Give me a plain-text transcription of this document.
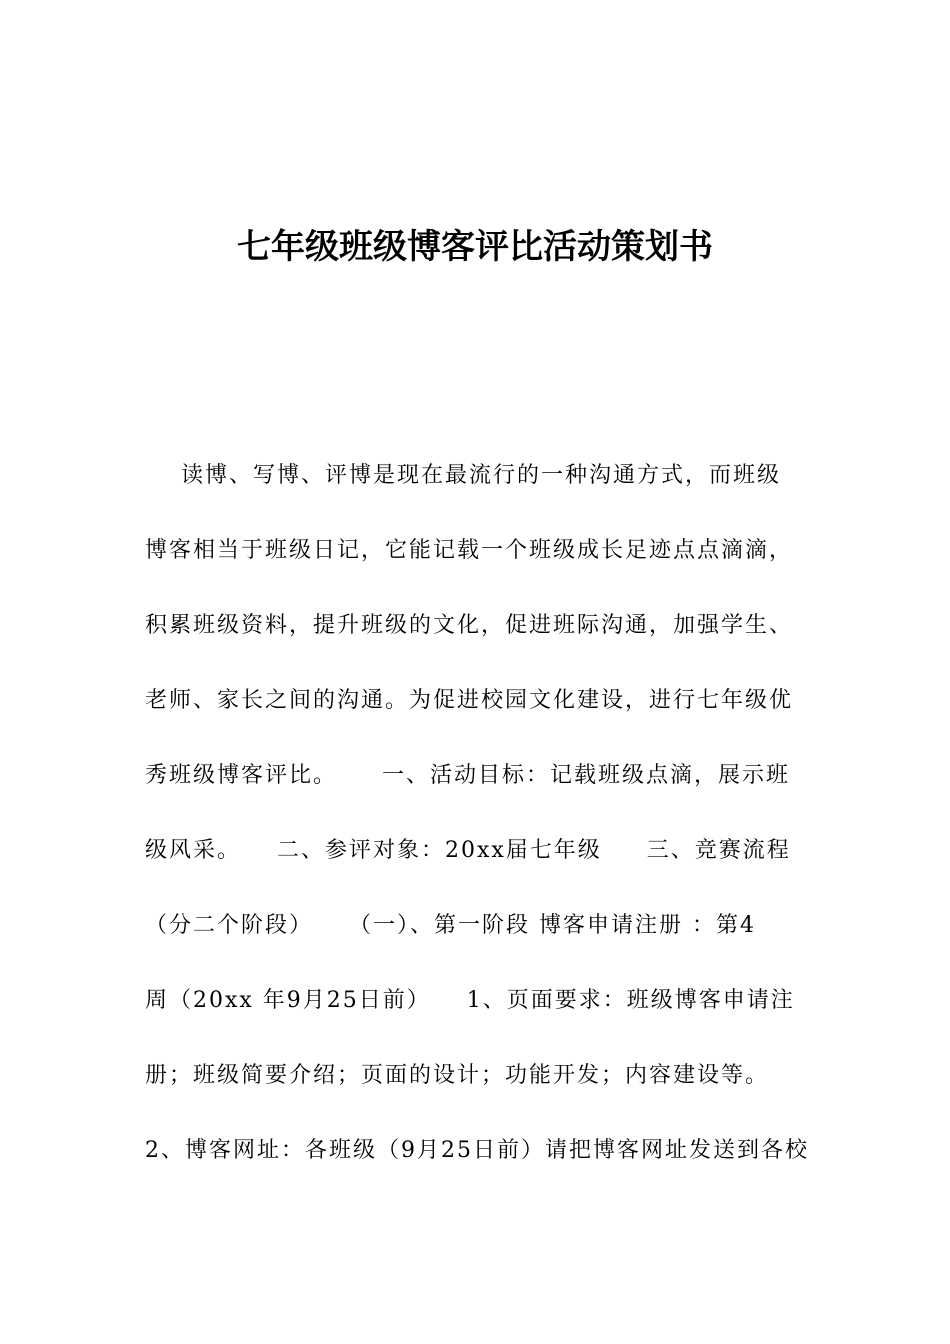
七年级班级博客评比活动策划书
读博、写博、评博是现在最流行的一种沟通方式，而班级
博客相当于班级日记，它能记载一个班级成长足迹点点滴滴，
积累班级资料，提升班级的文化，促进班际沟通，加强学生、
老师、家长之间的沟通。为促进校园文化建设，进行七年级优
秀班级博客评比。     一、活动目标：记载班级点滴，展示班
级风采。    二、参评对象：20xx届七年级     三、竞赛流程
（分二个阶段）    （一）、第一阶段 博客申请注册 ：第4
周（20xx 年9月25日前）    1、页面要求：班级博客申请注
册；班级简要介绍；页面的设计；功能开发；内容建设等。
2、博客网址：各班级（9月25日前）请把博客网址发送到各校
